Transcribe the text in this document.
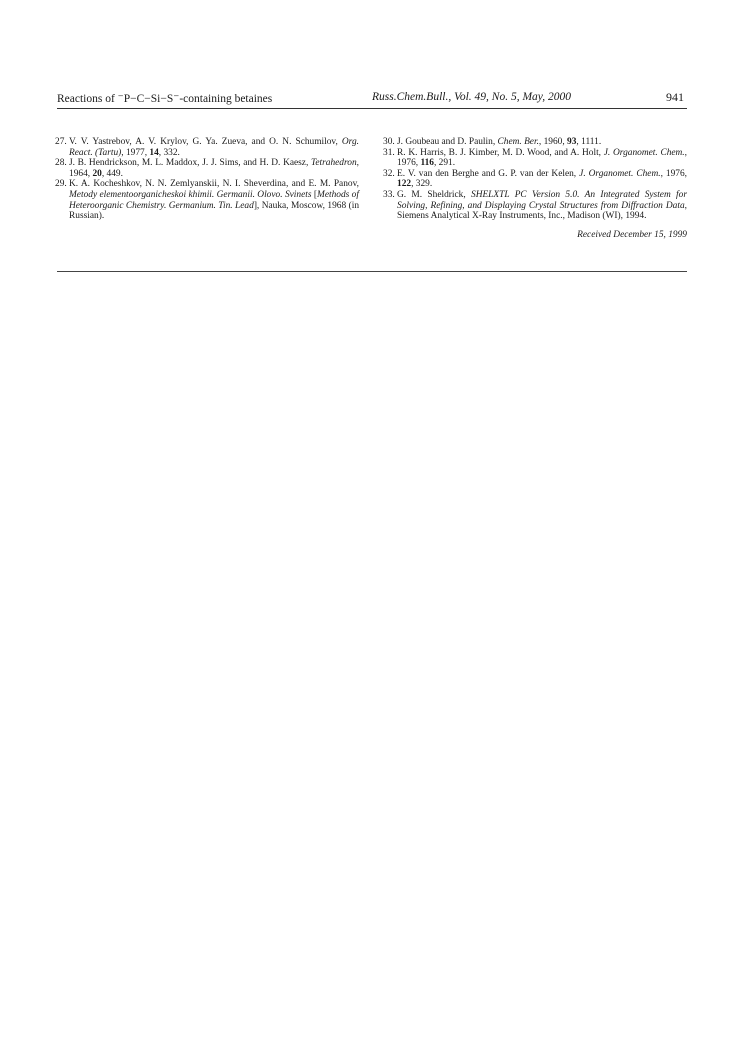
Reactions of ⁻P−C−Si−S⁻-containing betaines	Russ.Chem.Bull., Vol. 49, No. 5, May, 2000	941
27. V. V. Yastrebov, A. V. Krylov, G. Ya. Zueva, and O. N. Schumilov, Org. React. (Tartu), 1977, 14, 332.
28. J. B. Hendrickson, M. L. Maddox, J. J. Sims, and H. D. Kaesz, Tetrahedron, 1964, 20, 449.
29. K. A. Kocheshkov, N. N. Zemlyanskii, N. I. Sheverdina, and E. M. Panov, Metody elementoorganicheskoi khimii. Germanii. Olovo. Svinets [Methods of Heteroorganic Chemistry. Germanium. Tin. Lead], Nauka, Moscow, 1968 (in Russian).
30. J. Goubeau and D. Paulin, Chem. Ber., 1960, 93, 1111.
31. R. K. Harris, B. J. Kimber, M. D. Wood, and A. Holt, J. Organomet. Chem., 1976, 116, 291.
32. E. V. van den Berghe and G. P. van der Kelen, J. Organomet. Chem., 1976, 122, 329.
33. G. M. Sheldrick, SHELXTL PC Version 5.0. An Integrated System for Solving, Refining, and Displaying Crystal Structures from Diffraction Data, Siemens Analytical X-Ray Instruments, Inc., Madison (WI), 1994.
Received December 15, 1999
